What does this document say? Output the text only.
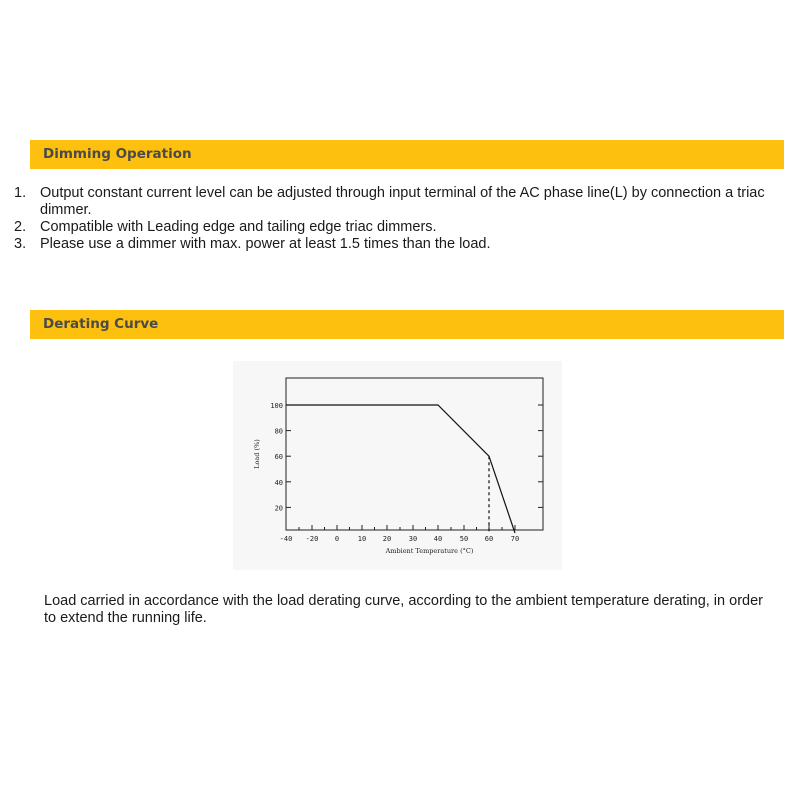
Dimming Operation
1. Output constant current level can be adjusted through input terminal of the AC phase line(L) by connection a triac dimmer.
2. Compatible with Leading edge and tailing edge triac dimmers.
3. Please use a dimmer with max. power at least 1.5 times than the load.
Derating Curve
20
40
60
80
100
-40 -20 0	10 20	30 40	50 60	70
Ambient Temperature (°C)
Load (%)

Load carried in accordance with the load derating curve, according to the ambient temperature derating, in order to extend the running life.
